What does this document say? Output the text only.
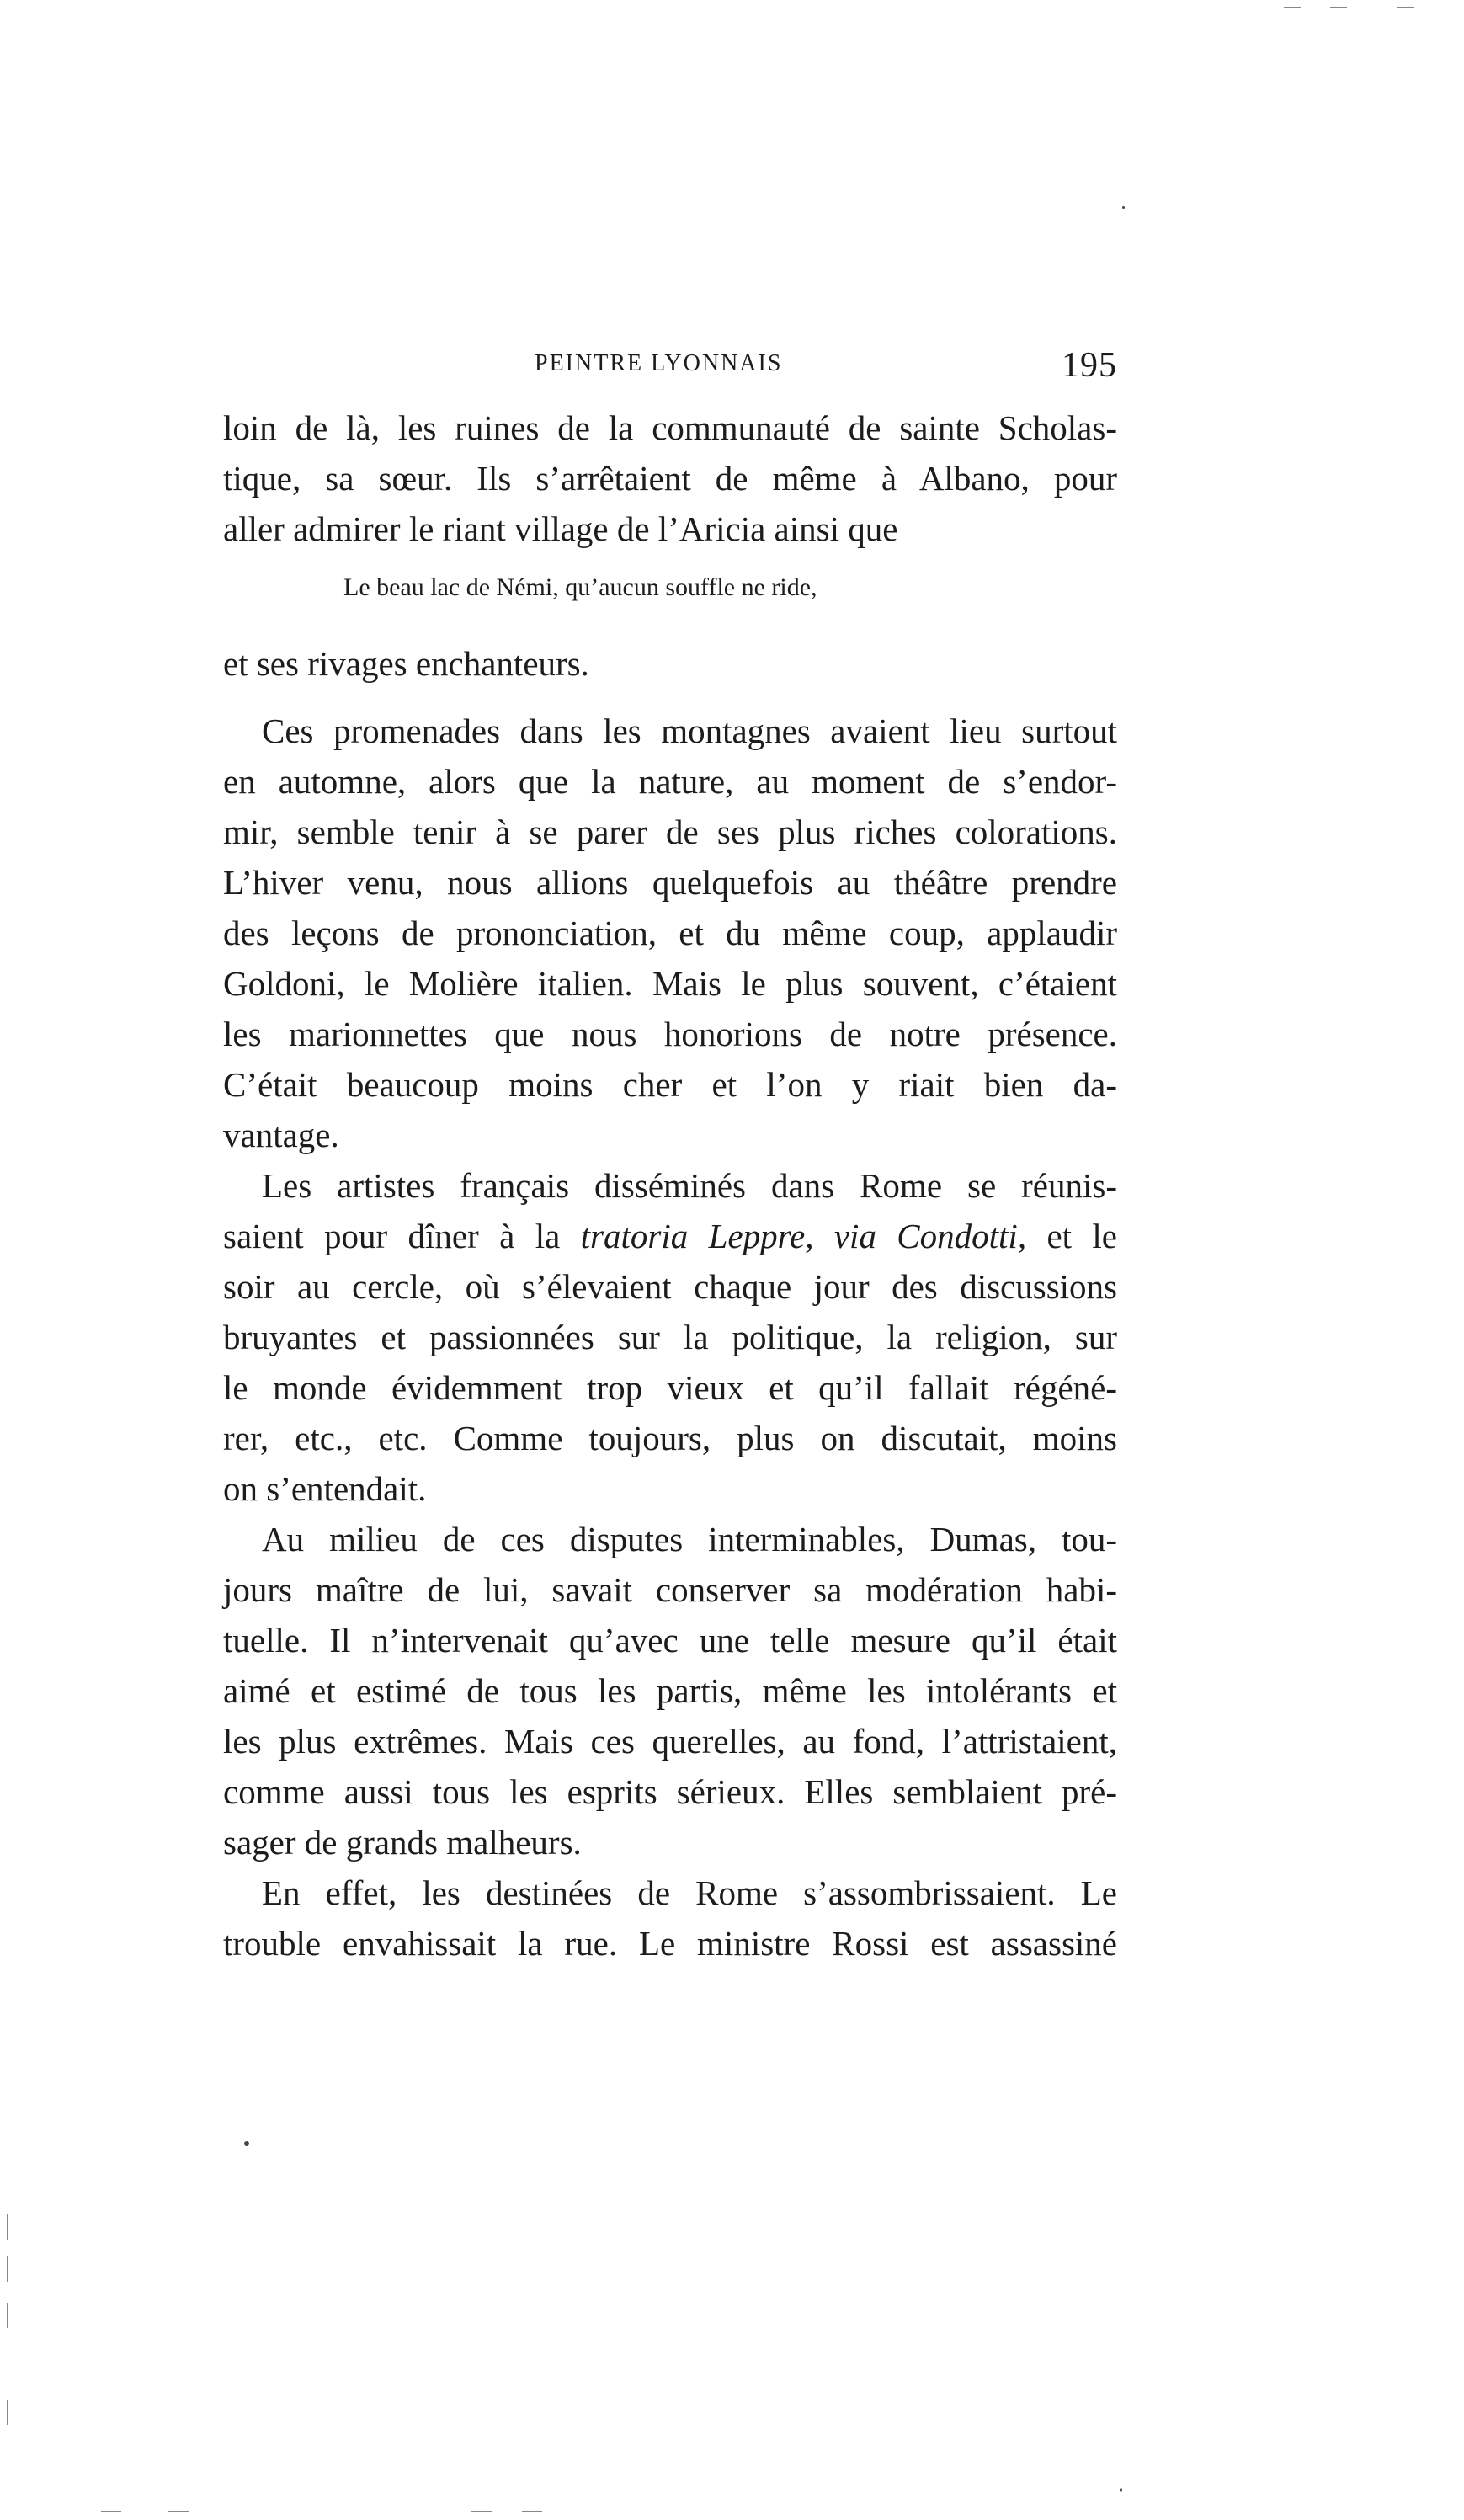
PEINTRE LYONNAIS	195
loin de là, les ruines de la communauté de sainte Scholas-
tique, sa sœur. Ils s’arrêtaient de même à Albano, pour
aller admirer le riant village de l’Aricia ainsi que
Le beau lac de Némi, qu’aucun souffle ne ride,
et ses rivages enchanteurs.
Ces promenades dans les montagnes avaient lieu surtout
en automne, alors que la nature, au moment de s’endor-
mir, semble tenir à se parer de ses plus riches colorations.
L’hiver venu, nous allions quelquefois au théâtre prendre
des leçons de prononciation, et du même coup, applaudir
Goldoni, le Molière italien. Mais le plus souvent, c’étaient
les marionnettes que nous honorions de notre présence.
C’était beaucoup moins cher et l’on y riait bien da-
vantage.
Les artistes français disséminés dans Rome se réunis-
saient pour dîner à la tratoria Leppre, via Condotti, et le
soir au cercle, où s’élevaient chaque jour des discussions
bruyantes et passionnées sur la politique, la religion, sur
le monde évidemment trop vieux et qu’il fallait régéné-
rer, etc., etc. Comme toujours, plus on discutait, moins
on s’entendait.
Au milieu de ces disputes interminables, Dumas, tou-
jours maître de lui, savait conserver sa modération habi-
tuelle. Il n’intervenait qu’avec une telle mesure qu’il était
aimé et estimé de tous les partis, même les intolérants et
les plus extrêmes. Mais ces querelles, au fond, l’attristaient,
comme aussi tous les esprits sérieux. Elles semblaient pré-
sager de grands malheurs.
En effet, les destinées de Rome s’assombrissaient. Le
trouble envahissait la rue. Le ministre Rossi est assassiné
